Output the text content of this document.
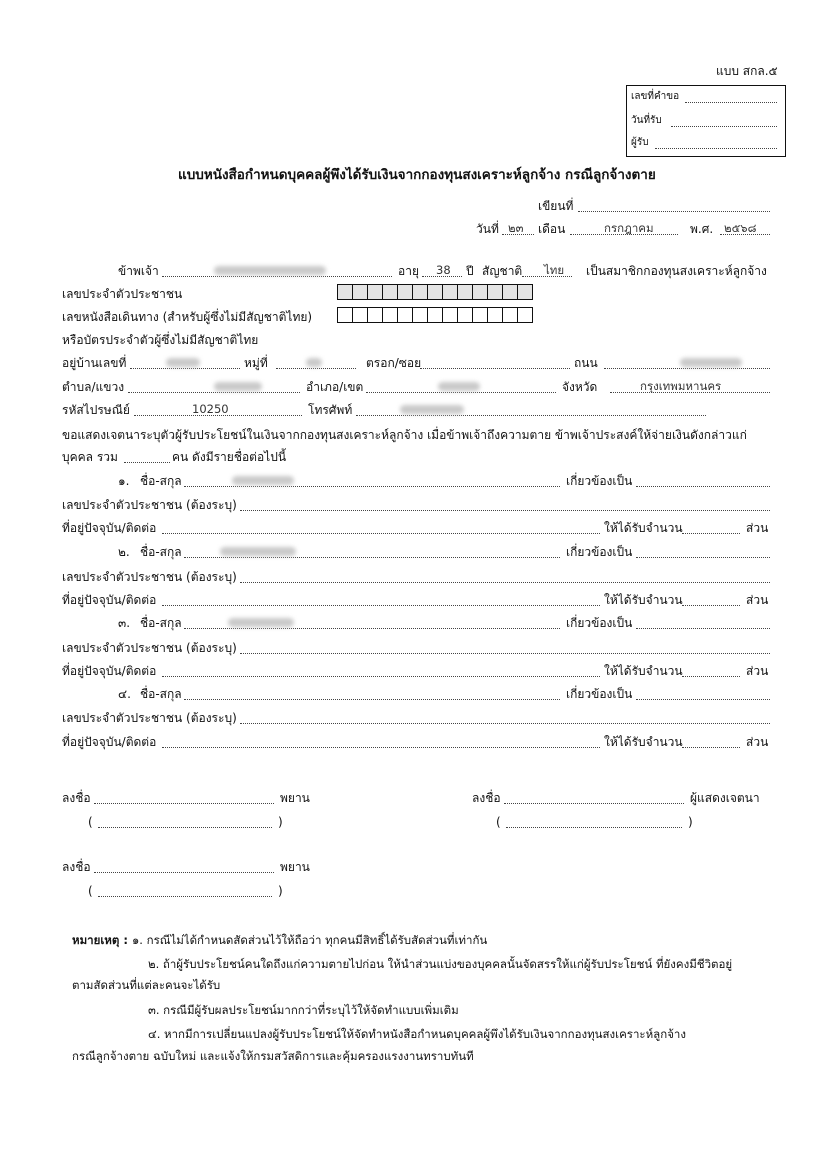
แบบ สกล.๕
เลขที่คำขอ
วันที่รับ
ผู้รับ
แบบหนังสือกำหนดบุคคลผู้พึงได้รับเงินจากกองทุนสงเคราะห์ลูกจ้าง กรณีลูกจ้างตาย
เขียนที่
วันที่ ๒๓ เดือน	กรกฎาคม	พ.ศ. ๒๕๖๘
ข้าพเจ้า	อายุ 38 ปี สัญชาติ ไทย เป็นสมาชิกกองทุนสงเคราะห์ลูกจ้าง
เลขประจำตัวประชาชน
เลขหนังสือเดินทาง (สำหรับผู้ซึ่งไม่มีสัญชาติไทย)
หรือบัตรประจำตัวผู้ซึ่งไม่มีสัญชาติไทย
อยู่บ้านเลขที่	หมู่ที่	ตรอก/ซอย	ถนน
ตำบล/แขวง	อำเภอ/เขต	จังหวัด	กรุงเทพมหานคร
รหัสไปรษณีย์	10250	โทรศัพท์
ขอแสดงเจตนาระบุตัวผู้รับประโยชน์ในเงินจากกองทุนสงเคราะห์ลูกจ้าง เมื่อข้าพเจ้าถึงความตาย ข้าพเจ้าประสงค์ให้จ่ายเงินดังกล่าวแก่
บุคคล รวม	คน ดังมีรายชื่อต่อไปนี้
๑. ชื่อ-สกุล	เกี่ยวข้องเป็น
เลขประจำตัวประชาชน (ต้องระบุ)
ที่อยู่ปัจจุบัน/ติดต่อ	ให้ได้รับจำนวน	ส่วน
๒. ชื่อ-สกุล	เกี่ยวข้องเป็น
เลขประจำตัวประชาชน (ต้องระบุ)
ที่อยู่ปัจจุบัน/ติดต่อ	ให้ได้รับจำนวน	ส่วน
๓. ชื่อ-สกุล	เกี่ยวข้องเป็น
เลขประจำตัวประชาชน (ต้องระบุ)
ที่อยู่ปัจจุบัน/ติดต่อ	ให้ได้รับจำนวน	ส่วน
๔. ชื่อ-สกุล	เกี่ยวข้องเป็น
เลขประจำตัวประชาชน (ต้องระบุ)
ที่อยู่ปัจจุบัน/ติดต่อ	ให้ได้รับจำนวน	ส่วน
ลงชื่อ	พยาน
(	)
ลงชื่อ	ผู้แสดงเจตนา
(	)
ลงชื่อ	พยาน
(	)
หมายเหตุ : ๑. กรณีไม่ได้กำหนดสัดส่วนไว้ให้ถือว่า ทุกคนมีสิทธิ์ได้รับสัดส่วนที่เท่ากัน
๒. ถ้าผู้รับประโยชน์คนใดถึงแก่ความตายไปก่อน ให้นำส่วนแบ่งของบุคคลนั้นจัดสรรให้แก่ผู้รับประโยชน์ ที่ยังคงมีชีวิตอยู่
ตามสัดส่วนที่แต่ละคนจะได้รับ
๓. กรณีมีผู้รับผลประโยชน์มากกว่าที่ระบุไว้ให้จัดทำแบบเพิ่มเติม
๔. หากมีการเปลี่ยนแปลงผู้รับประโยชน์ให้จัดทำหนังสือกำหนดบุคคลผู้พึงได้รับเงินจากกองทุนสงเคราะห์ลูกจ้าง
กรณีลูกจ้างตาย ฉบับใหม่ และแจ้งให้กรมสวัสดิการและคุ้มครองแรงงานทราบทันที
